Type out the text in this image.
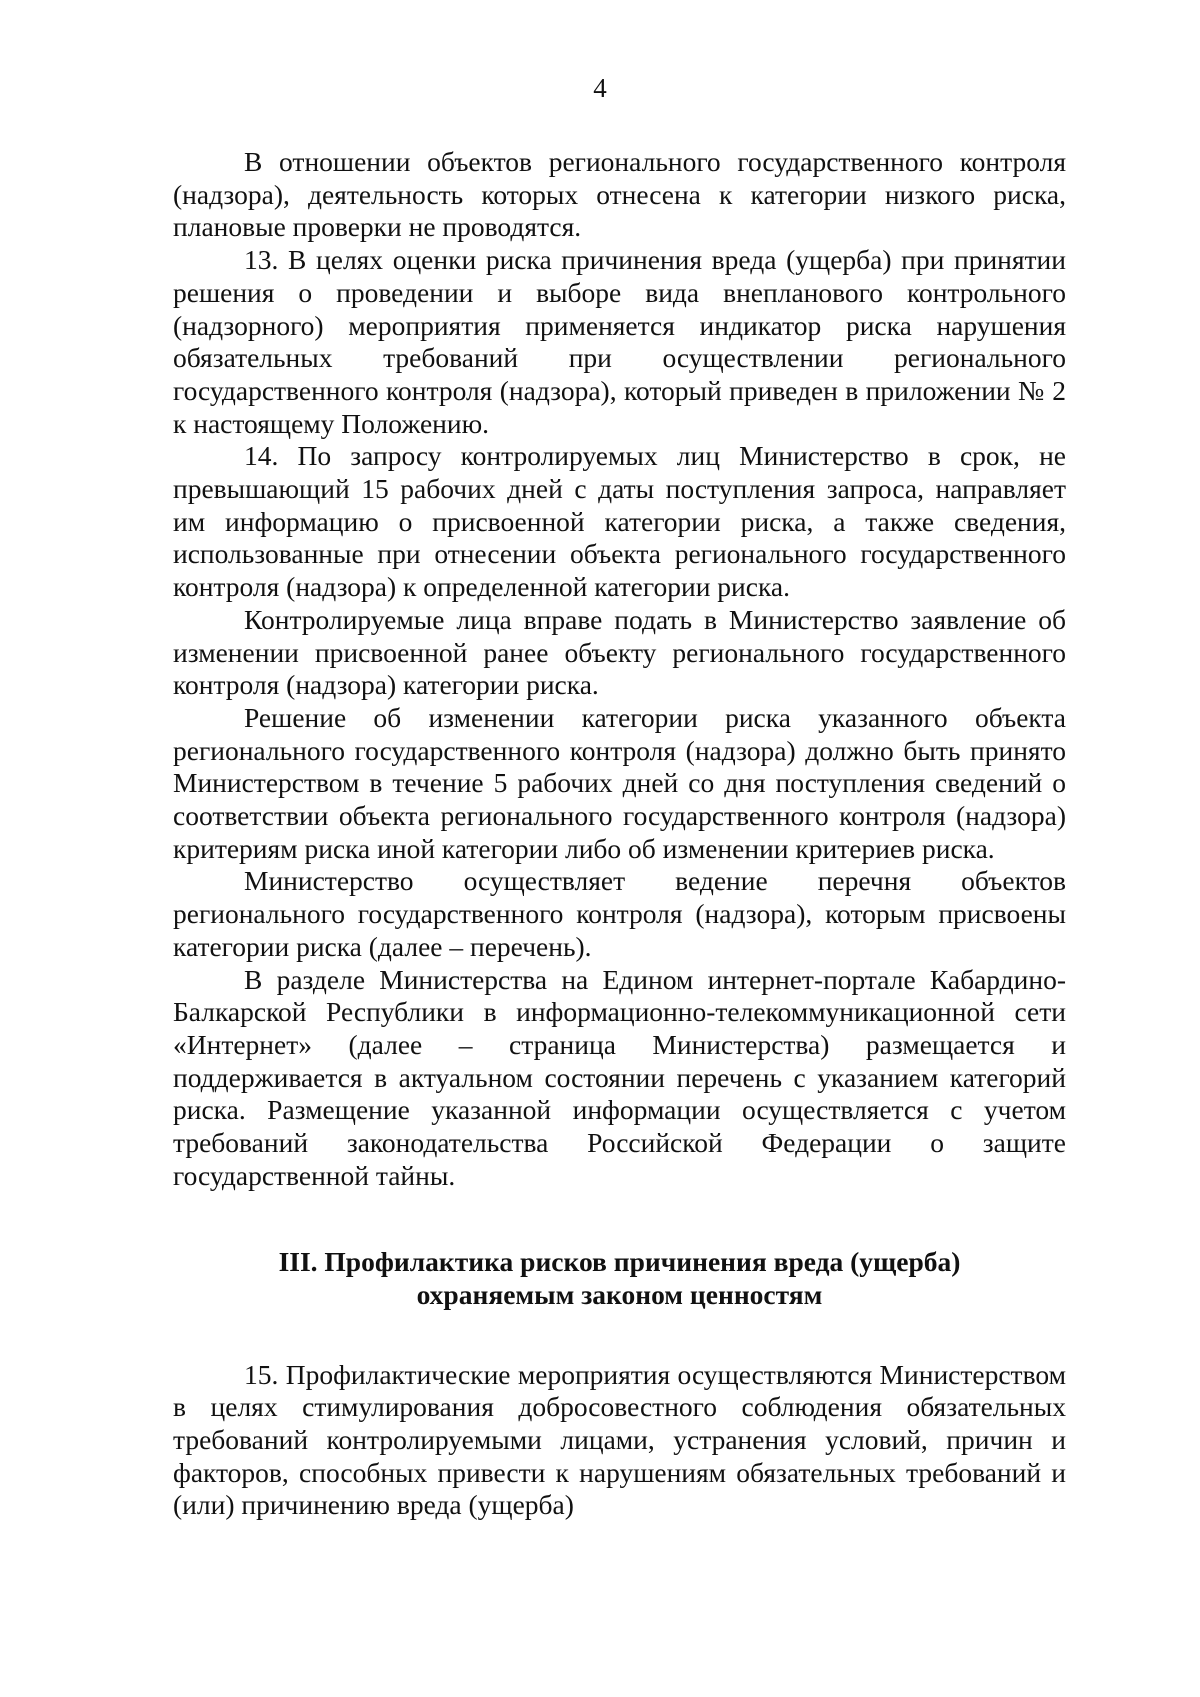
4

В отношении объектов регионального государственного контроля (надзора), деятельность которых отнесена к категории низкого риска, плановые проверки не проводятся.

13. В целях оценки риска причинения вреда (ущерба) при принятии решения о проведении и выборе вида внепланового контрольного (надзорного) мероприятия применяется индикатор риска нарушения обязательных требований при осуществлении регионального государственного контроля (надзора), который приведен в приложении № 2 к настоящему Положению.

14. По запросу контролируемых лиц Министерство в срок, не превышающий 15 рабочих дней с даты поступления запроса, направляет им информацию о присвоенной категории риска, а также сведения, использованные при отнесении объекта регионального государственного контроля (надзора) к определенной категории риска.

Контролируемые лица вправе подать в Министерство заявление об изменении присвоенной ранее объекту регионального государственного контроля (надзора) категории риска.

Решение об изменении категории риска указанного объекта регионального государственного контроля (надзора) должно быть принято Министерством в течение 5 рабочих дней со дня поступления сведений о соответствии объекта регионального государственного контроля (надзора) критериям риска иной категории либо об изменении критериев риска.

Министерство осуществляет ведение перечня объектов регионального государственного контроля (надзора), которым присвоены категории риска (далее – перечень).

В разделе Министерства на Едином интернет-портале Кабардино-Балкарской Республики в информационно-телекоммуникационной сети «Интернет» (далее – страница Министерства) размещается и поддерживается в актуальном состоянии перечень с указанием категорий риска. Размещение указанной информации осуществляется с учетом требований законодательства Российской Федерации о защите государственной тайны.

III. Профилактика рисков причинения вреда (ущерба)
охраняемым законом ценностям

15. Профилактические мероприятия осуществляются Министерством в целях стимулирования добросовестного соблюдения обязательных требований контролируемыми лицами, устранения условий, причин и факторов, способных привести к нарушениям обязательных требований и (или) причинению вреда (ущерба)
